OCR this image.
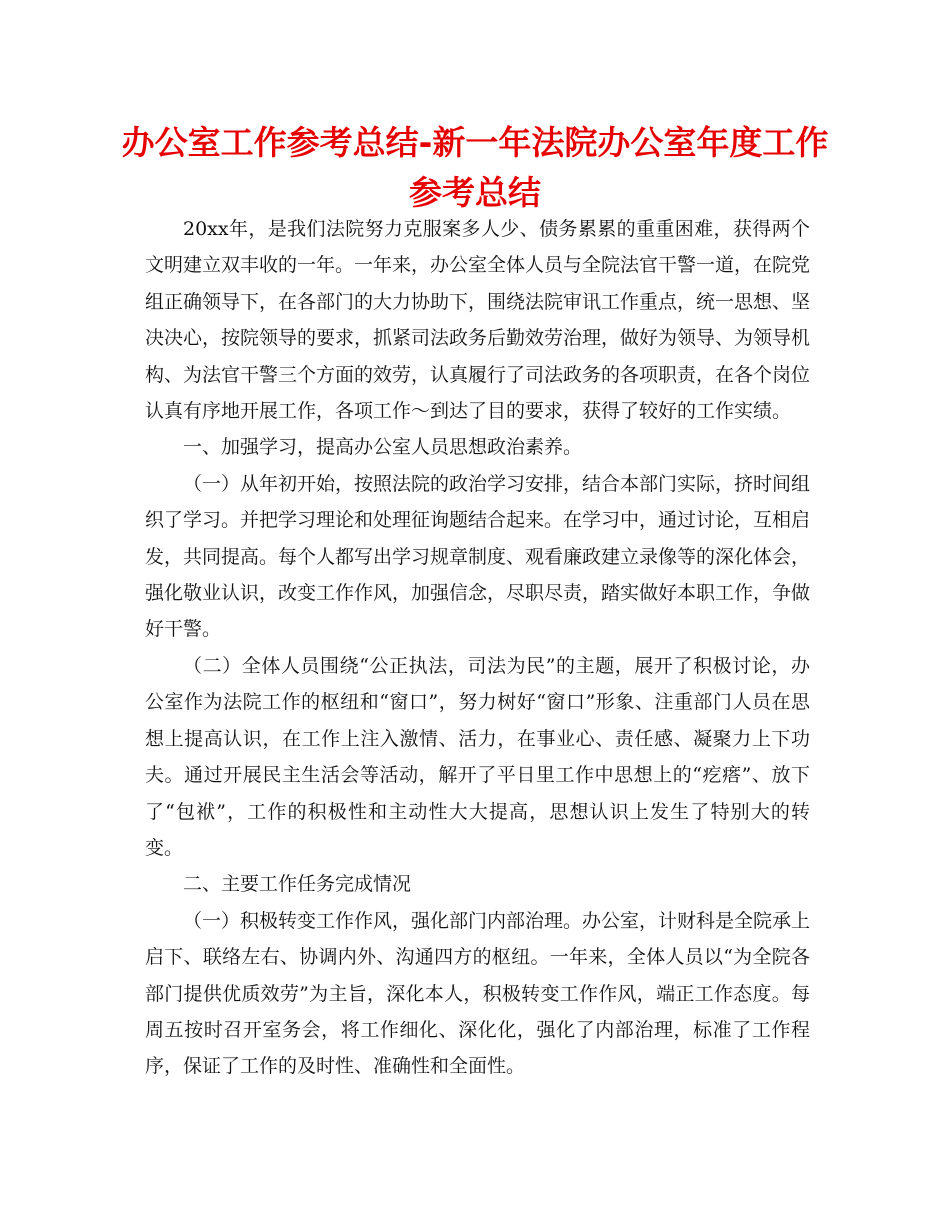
办公室工作参考总结-新一年法院办公室年度工作参考总结

20xx年，是我们法院努力克服案多人少、债务累累的重重困难，获得两个文明建立双丰收的一年。一年来，办公室全体人员与全院法官干警一道，在院党组正确领导下，在各部门的大力协助下，围绕法院审讯工作重点，统一思想、坚决决心，按院领导的要求，抓紧司法政务后勤效劳治理，做好为领导、为领导机构、为法官干警三个方面的效劳，认真履行了司法政务的各项职责，在各个岗位认真有序地开展工作，各项工作～到达了目的要求，获得了较好的工作实绩。

一、加强学习，提高办公室人员思想政治素养。

（一）从年初开始，按照法院的政治学习安排，结合本部门实际，挤时间组织了学习。并把学习理论和处理征询题结合起来。在学习中，通过讨论，互相启发，共同提高。每个人都写出学习规章制度、观看廉政建立录像等的深化体会，强化敬业认识，改变工作作风，加强信念，尽职尽责，踏实做好本职工作，争做好干警。

（二）全体人员围绕“公正执法，司法为民”的主题，展开了积极讨论，办公室作为法院工作的枢纽和“窗口”，努力树好“窗口”形象、注重部门人员在思想上提高认识，在工作上注入激情、活力，在事业心、责任感、凝聚力上下功夫。通过开展民主生活会等活动，解开了平日里工作中思想上的“疙瘩”、放下了“包袱”，工作的积极性和主动性大大提高，思想认识上发生了特别大的转变。

二、主要工作任务完成情况

（一）积极转变工作作风，强化部门内部治理。办公室，计财科是全院承上启下、联络左右、协调内外、沟通四方的枢纽。一年来，全体人员以“为全院各部门提供优质效劳”为主旨，深化本人，积极转变工作作风，端正工作态度。每周五按时召开室务会，将工作细化、深化化，强化了内部治理，标准了工作程序，保证了工作的及时性、准确性和全面性。
